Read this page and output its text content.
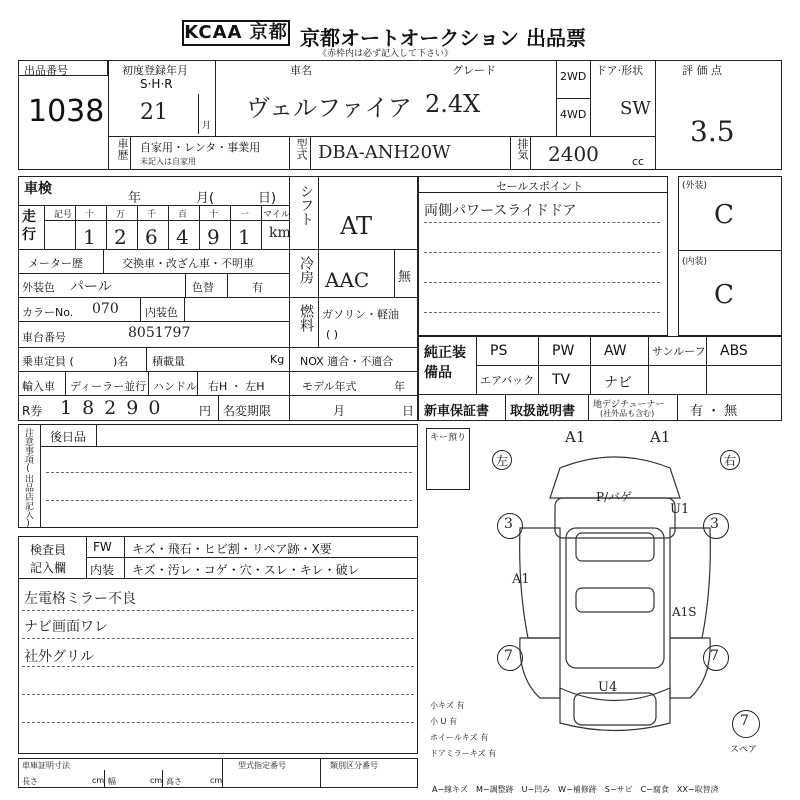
KCAA 京都 京都オートオークション 出品票
《赤枠内は必ず記入して下さい》
出品番号
1038
初度登録年月
S·H·R
21
月
車名
ヴェルファイア
グレード
2.4X
2WD
4WD
ドア·形状
SW
評 価 点
3.5
車歴 自家用・レンタ・事業用
未記入は自家用
型式 DBA-ANH20W	排気 2400	cc
車検
年	月(	日)
走行
記号 十 万 千 百 十 一 マイル
1 2 6 4 9 1 km
メーター歴	交換車・改ざん車・不明車
外装色 パール	色替	有
カラーNo. 070 内装色
車台番号	8051797
乗車定員 (	)名 積載量	Kg
輸入車 ディーラー並行 ハンドル 右H ・ 左H
R券 18290 円 名変期限	月	日
シフト AT
冷房 AAC 無
燃料 ガソリン・軽油
( )
NOX 適合・不適合
モデル年式	年
セールスポイント
両側パワースライドドア
(外装)
C
(内装)
C
純正装備品
PS	PW AW サンルーフ ABS
エアバック TV ナビ
新車保証書 取扱説明書 地デジチューナー
(社外品も含む)	有 ・ 無
注意事項(出品店記入) 後日品
検査員
記入欄
FW キズ・飛石・ヒビ割・リペア跡・X要
内装 キズ・汚レ・コゲ・穴・スレ・キレ・破レ
左電格ミラー不良
ナビ画面ワレ
社外グリル
キー預り
左	右
A1	A1
P/バゲ
U1
3	3
A1
A1S
7	7
U4
小キズ 有
小 U 有
ホイールキズ 有
ドアミラーキズ 有
7
スペア
車庫証明寸法
長さ	cm 幅	cm 高さ	cm
型式指定番号	類別区分番号
A−線キズ　M−調整跡　U−凹み　W−補修跡　S−サビ　C−腐食　XX−取替済
